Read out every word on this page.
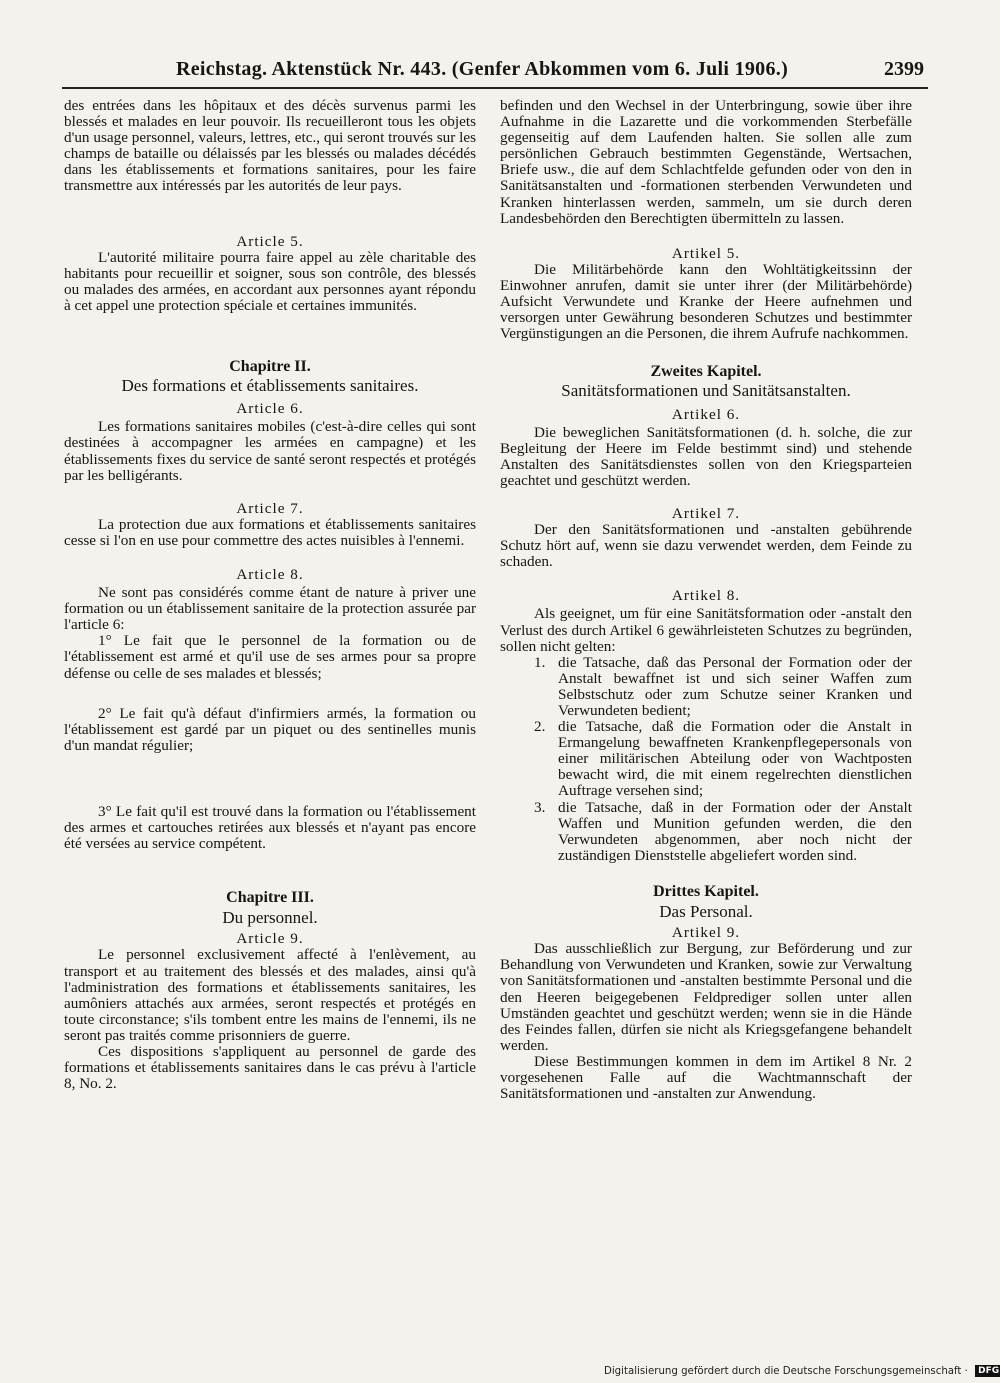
Reichstag. Aktenstück Nr. 443. (Genfer Abkommen vom 6. Juli 1906.)	2399

des entrées dans les hôpitaux et des décès survenus parmi les blessés et malades en leur pouvoir. Ils recueilleront tous les objets d'un usage personnel, valeurs, lettres, etc., qui seront trouvés sur les champs de bataille ou délaissés par les blessés ou malades décédés dans les établissements et formations sanitaires, pour les faire transmettre aux intéressés par les autorités de leur pays.

Article 5.

L'autorité militaire pourra faire appel au zèle charitable des habitants pour recueillir et soigner, sous son contrôle, des blessés ou malades des armées, en accordant aux personnes ayant répondu à cet appel une protection spéciale et certaines immunités.

Chapitre II.

Des formations et établissements sanitaires.

Article 6.

Les formations sanitaires mobiles (c'est-à-dire celles qui sont destinées à accompagner les armées en campagne) et les établissements fixes du service de santé seront respectés et protégés par les belligérants.

Article 7.

La protection due aux formations et établissements sanitaires cesse si l'on en use pour commettre des actes nuisibles à l'ennemi.

Article 8.

Ne sont pas considérés comme étant de nature à priver une formation ou un établissement sanitaire de la protection assurée par l'article 6:

1° Le fait que le personnel de la formation ou de l'établissement est armé et qu'il use de ses armes pour sa propre défense ou celle de ses malades et blessés;

2° Le fait qu'à défaut d'infirmiers armés, la formation ou l'établissement est gardé par un piquet ou des sentinelles munis d'un mandat régulier;

3° Le fait qu'il est trouvé dans la formation ou l'établissement des armes et cartouches retirées aux blessés et n'ayant pas encore été versées au service compétent.

Chapitre III.

Du personnel.

Article 9.

Le personnel exclusivement affecté à l'enlèvement, au transport et au traitement des blessés et des malades, ainsi qu'à l'administration des formations et établissements sanitaires, les aumôniers attachés aux armées, seront respectés et protégés en toute circonstance; s'ils tombent entre les mains de l'ennemi, ils ne seront pas traités comme prisonniers de guerre.

Ces dispositions s'appliquent au personnel de garde des formations et établissements sanitaires dans le cas prévu à l'article 8, No. 2.

befinden und den Wechsel in der Unterbringung, sowie über ihre Aufnahme in die Lazarette und die vorkommenden Sterbefälle gegenseitig auf dem Laufenden halten. Sie sollen alle zum persönlichen Gebrauch bestimmten Gegenstände, Wertsachen, Briefe usw., die auf dem Schlachtfelde gefunden oder von den in Sanitätsanstalten und -formationen sterbenden Verwundeten und Kranken hinterlassen werden, sammeln, um sie durch deren Landesbehörden den Berechtigten übermitteln zu lassen.

Artikel 5.

Die Militärbehörde kann den Wohltätigkeitssinn der Einwohner anrufen, damit sie unter ihrer (der Militärbehörde) Aufsicht Verwundete und Kranke der Heere aufnehmen und versorgen unter Gewährung besonderen Schutzes und bestimmter Vergünstigungen an die Personen, die ihrem Aufrufe nachkommen.

Zweites Kapitel.

Sanitätsformationen und Sanitätsanstalten.

Artikel 6.

Die beweglichen Sanitätsformationen (d. h. solche, die zur Begleitung der Heere im Felde bestimmt sind) und stehende Anstalten des Sanitätsdienstes sollen von den Kriegsparteien geachtet und geschützt werden.

Artikel 7.

Der den Sanitätsformationen und -anstalten gebührende Schutz hört auf, wenn sie dazu verwendet werden, dem Feinde zu schaden.

Artikel 8.

Als geeignet, um für eine Sanitätsformation oder -anstalt den Verlust des durch Artikel 6 gewährleisteten Schutzes zu begründen, sollen nicht gelten:

1. die Tatsache, daß das Personal der Formation oder der Anstalt bewaffnet ist und sich seiner Waffen zum Selbstschutz oder zum Schutze seiner Kranken und Verwundeten bedient;
2. die Tatsache, daß die Formation oder die Anstalt in Ermangelung bewaffneten Krankenpflegepersonals von einer militärischen Abteilung oder von Wachtposten bewacht wird, die mit einem regelrechten dienstlichen Auftrage versehen sind;
3. die Tatsache, daß in der Formation oder der Anstalt Waffen und Munition gefunden werden, die den Verwundeten abgenommen, aber noch nicht der zuständigen Dienststelle abgeliefert worden sind.

Drittes Kapitel.

Das Personal.

Artikel 9.

Das ausschließlich zur Bergung, zur Beförderung und zur Behandlung von Verwundeten und Kranken, sowie zur Verwaltung von Sanitätsformationen und -anstalten bestimmte Personal und die den Heeren beigegebenen Feldprediger sollen unter allen Umständen geachtet und geschützt werden; wenn sie in die Hände des Feindes fallen, dürfen sie nicht als Kriegsgefangene behandelt werden.

Diese Bestimmungen kommen in dem im Artikel 8 Nr. 2 vorgesehenen Falle auf die Wachtmannschaft der Sanitätsformationen und -anstalten zur Anwendung.

Digitalisierung gefördert durch die Deutsche Forschungsgemeinschaft · DFG
